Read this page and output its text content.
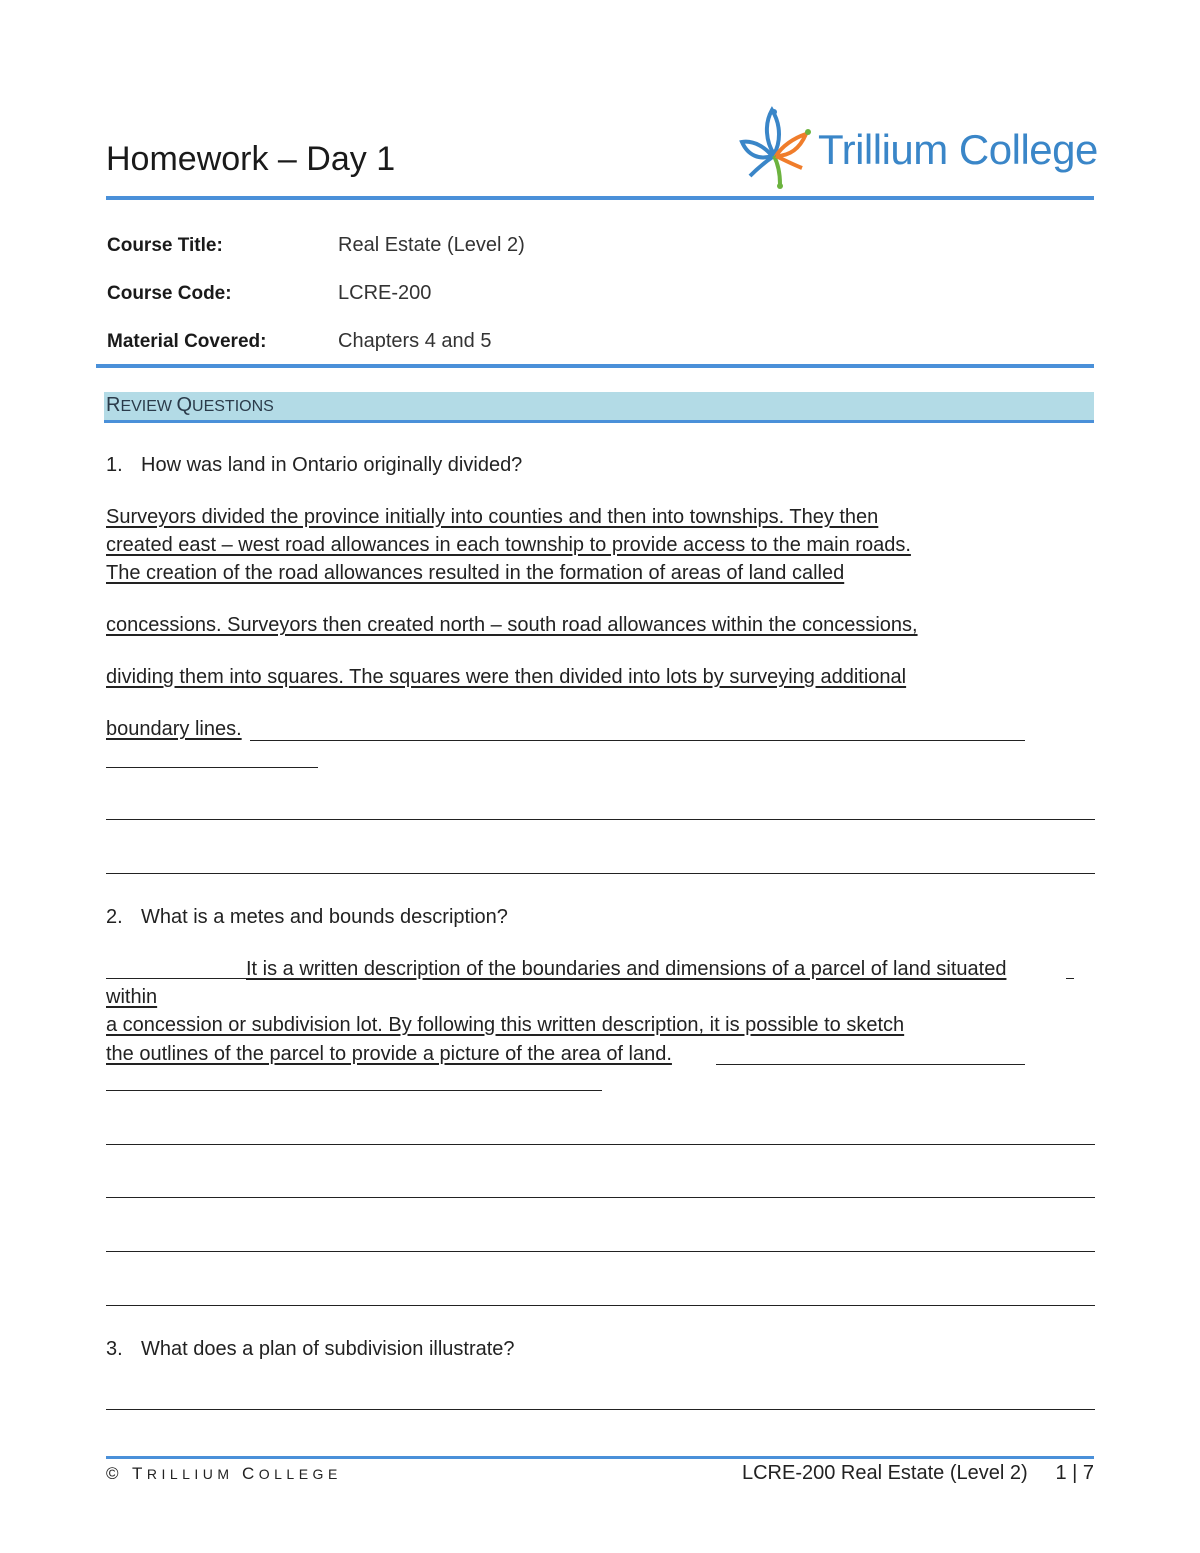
Homework – Day 1	Trillium College
Course Title:	Real Estate (Level 2)
Course Code:	LCRE-200
Material Covered:	Chapters 4 and 5
REVIEW QUESTIONS
1. How was land in Ontario originally divided?
Surveyors divided the province initially into counties and then into townships. They then
created east – west road allowances in each township to provide access to the main roads.
The creation of the road allowances resulted in the formation of areas of land called
concessions. Surveyors then created north – south road allowances within the concessions,
dividing them into squares. The squares were then divided into lots by surveying additional
boundary lines.
2. What is a metes and bounds description?
It is a written description of the boundaries and dimensions of a parcel of land situated
within
a concession or subdivision lot. By following this written description, it is possible to sketch
the outlines of the parcel to provide a picture of the area of land.
3. What does a plan of subdivision illustrate?
© TRILLIUM COLLEGE	LCRE-200 Real Estate (Level 2)     1 | 7
